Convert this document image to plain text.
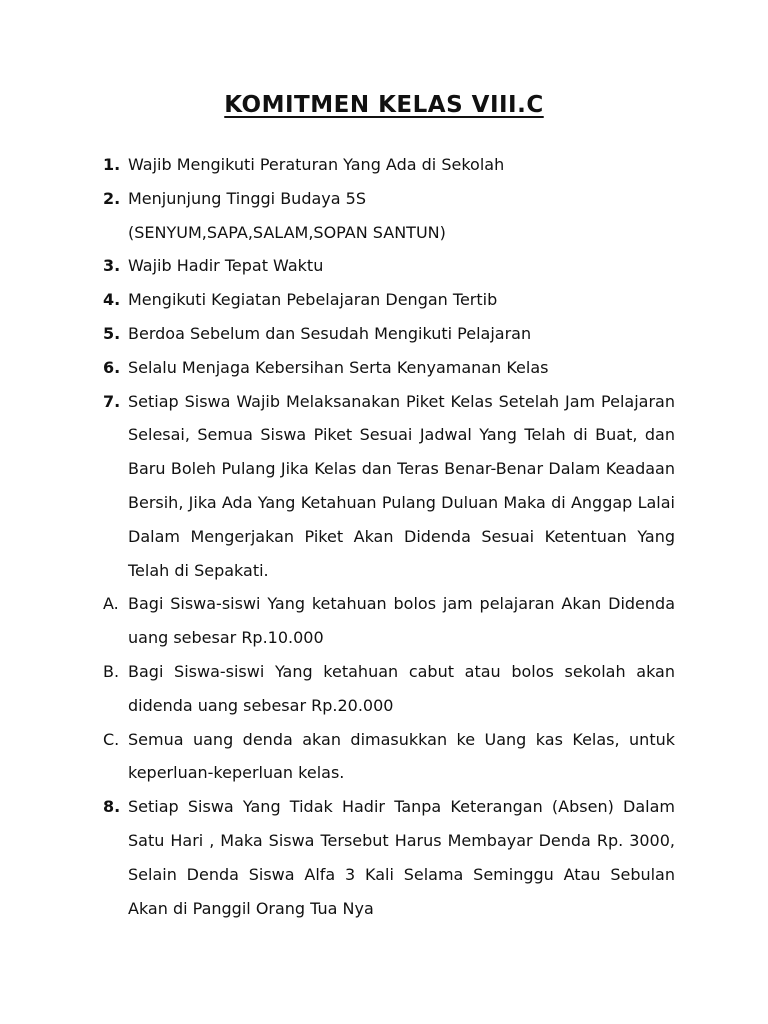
KOMITMEN KELAS VIII.C
1. Wajib Mengikuti Peraturan Yang Ada di Sekolah
2. Menjunjung Tinggi Budaya 5S (SENYUM,SAPA,SALAM,SOPAN SANTUN)
3. Wajib Hadir Tepat Waktu
4. Mengikuti Kegiatan Pebelajaran Dengan Tertib
5. Berdoa Sebelum dan Sesudah Mengikuti Pelajaran
6. Selalu Menjaga Kebersihan Serta Kenyamanan Kelas
7. Setiap Siswa Wajib Melaksanakan Piket Kelas Setelah Jam Pelajaran Selesai, Semua Siswa Piket Sesuai Jadwal Yang Telah di Buat, dan Baru Boleh Pulang Jika Kelas dan Teras Benar-Benar Dalam Keadaan Bersih, Jika Ada Yang Ketahuan Pulang Duluan Maka di Anggap Lalai Dalam Mengerjakan Piket Akan Didenda Sesuai Ketentuan Yang Telah di Sepakati.
A. Bagi Siswa-siswi Yang ketahuan bolos jam pelajaran Akan Didenda uang sebesar Rp.10.000
B. Bagi Siswa-siswi Yang ketahuan cabut atau bolos sekolah akan didenda uang sebesar Rp.20.000
C. Semua uang denda akan dimasukkan ke Uang kas Kelas, untuk keperluan-keperluan kelas.
8. Setiap Siswa Yang Tidak Hadir Tanpa Keterangan (Absen) Dalam Satu Hari , Maka Siswa Tersebut Harus Membayar Denda Rp. 3000, Selain Denda Siswa Alfa 3 Kali Selama Seminggu Atau Sebulan Akan di Panggil Orang Tua Nya
